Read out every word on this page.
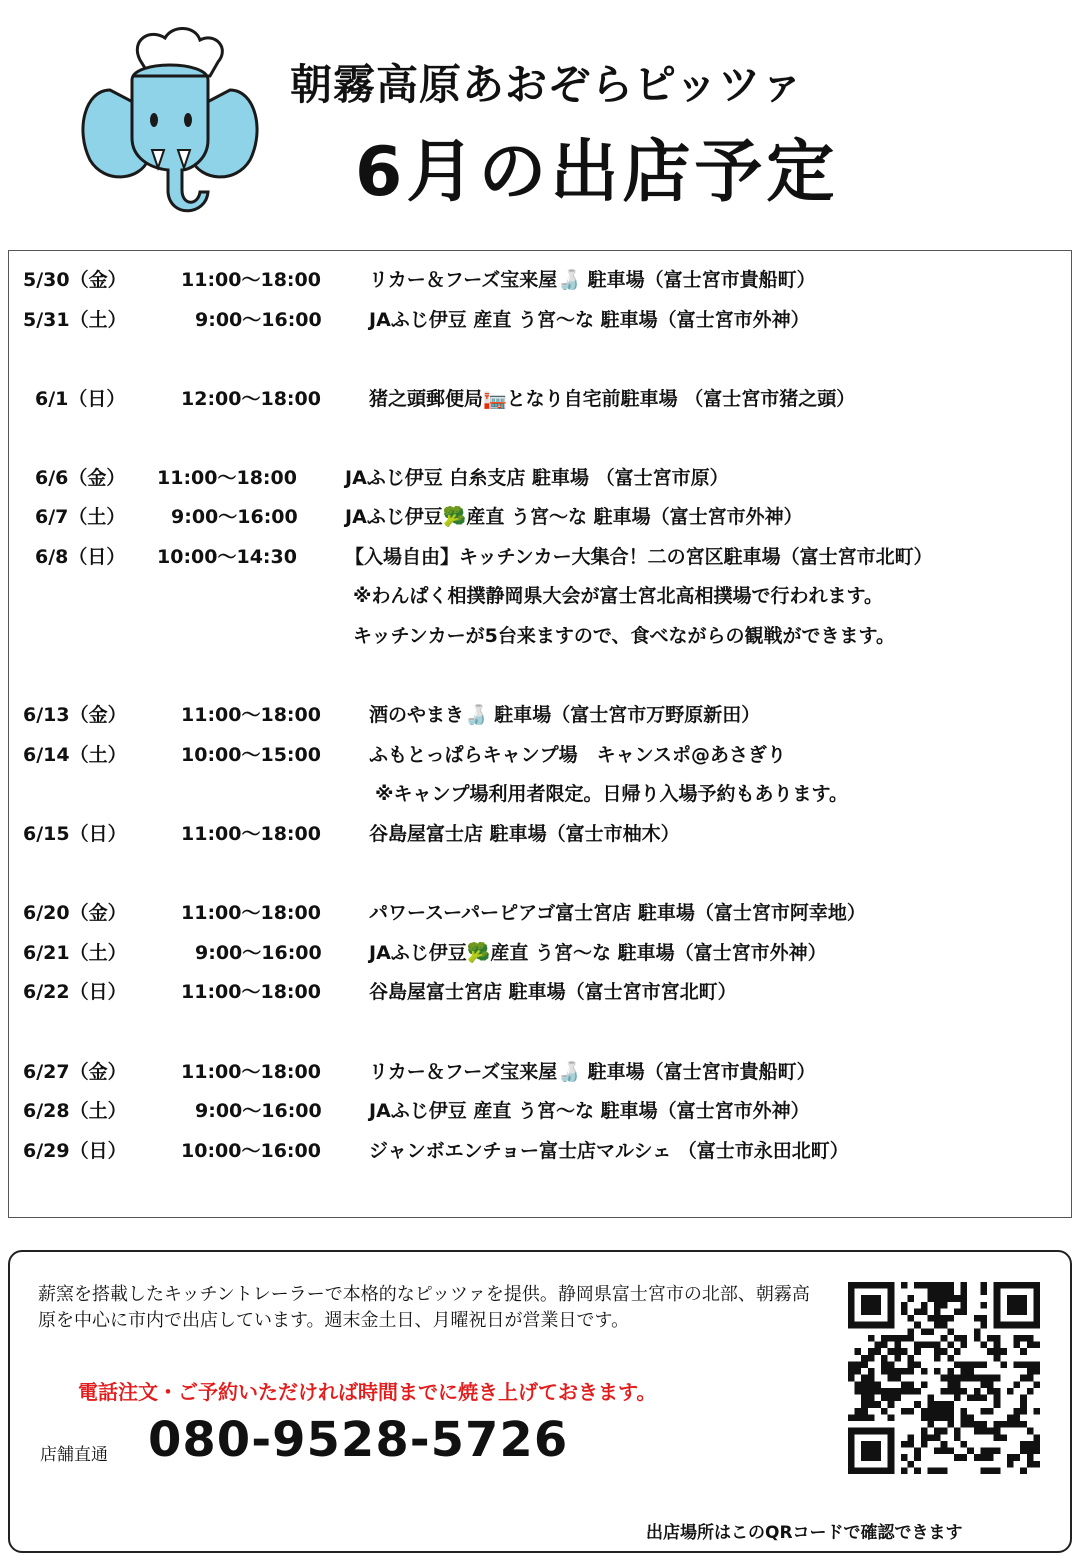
朝霧高原あおぞらピッツァ
6月の出店予定
5/30（金）	11:00〜18:00	リカー＆フーズ宝来屋🍶 駐車場（富士宮市貴船町）
5/31（土）	9:00〜16:00 JAふじ伊豆 産直 う宮〜な 駐車場（富士宮市外神）
6/1（日）	12:00〜18:00	猪之頭郵便局🏣となり自宅前駐車場 （富士宮市猪之頭）
6/6（金） 11:00〜18:00	JAふじ伊豆 白糸支店 駐車場 （富士宮市原）
6/7（土） 9:00〜16:00 JAふじ伊豆🥦産直 う宮〜な 駐車場（富士宮市外神）
6/8（日） 10:00〜14:30	【入場自由】キッチンカー大集合！二の宮区駐車場（富士宮市北町）
6/13（金）	11:00〜18:00	酒のやまき🍶 駐車場（富士宮市万野原新田）
6/14（土）	10:00〜15:00	ふもとっぱらキャンプ場　キャンスポ@あさぎり
6/15（日）	11:00〜18:00	谷島屋富士店 駐車場（富士市柚木）
6/20（金）	11:00〜18:00	パワースーパーピアゴ富士宮店 駐車場（富士宮市阿幸地）
6/21（土）	9:00〜16:00 JAふじ伊豆🥦産直 う宮〜な 駐車場（富士宮市外神）
6/22（日）	11:00〜18:00	谷島屋富士宮店 駐車場（富士宮市宮北町）
6/27（金）	11:00〜18:00	リカー＆フーズ宝来屋🍶 駐車場（富士宮市貴船町）
6/28（土）	9:00〜16:00 JAふじ伊豆 産直 う宮〜な 駐車場（富士宮市外神）
6/29（日）	10:00〜16:00	ジャンボエンチョー富士店マルシェ （富士市永田北町）
※わんぱく相撲静岡県大会が富士宮北高相撲場で行われます。
キッチンカーが5台来ますので、食べながらの観戦ができます。
※キャンプ場利用者限定。日帰り入場予約もあります。
薪窯を搭載したキッチントレーラーで本格的なピッツァを提供。静岡県富士宮市の北部、朝霧高原を中心に市内で出店しています。週末金土日、月曜祝日が営業日です。
電話注文・ご予約いただければ時間までに焼き上げておきます。
店舗直通 080-9528-5726
出店場所はこのQRコードで確認できます
